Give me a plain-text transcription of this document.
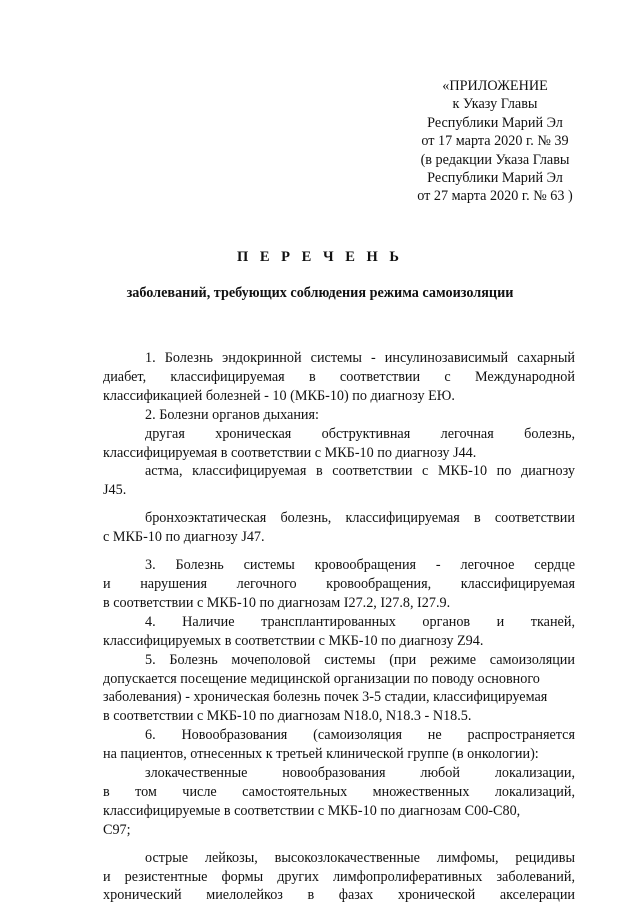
«ПРИЛОЖЕНИЕ
к Указу Главы
Республики Марий Эл
от 17 марта 2020 г. № 39
(в редакции Указа Главы
Республики Марий Эл
от 27 марта 2020 г. № 63 )
П Е Р Е Ч Е Н Ь
заболеваний, требующих соблюдения режима самоизоляции
1. Болезнь эндокринной системы - инсулинозависимый сахарный
диабет, классифицируемая в соответствии с Международной
классификацией болезней - 10 (МКБ-10) по диагнозу ЕЮ.
2. Болезни органов дыхания:
другая хроническая обструктивная легочная болезнь,
классифицируемая в соответствии с МКБ-10 по диагнозу J44.
астма, классифицируемая в соответствии с МКБ-10 по диагнозу
J45.
бронхоэктатическая болезнь, классифицируемая в соответствии
с МКБ-10 по диагнозу J47.
3. Болезнь системы кровообращения - легочное сердце
и нарушения легочного кровообращения, классифицируемая
в соответствии с МКБ-10 по диагнозам I27.2, I27.8, I27.9.
4. Наличие трансплантированных органов и тканей,
классифицируемых в соответствии с МКБ-10 по диагнозу Z94.
5. Болезнь мочеполовой системы (при режиме самоизоляции
допускается посещение медицинской организации по поводу основного
заболевания) - хроническая болезнь почек 3-5 стадии, классифицируемая
в соответствии с МКБ-10 по диагнозам N18.0, N18.3 - N18.5.
6. Новообразования (самоизоляция не распространяется
на пациентов, отнесенных к третьей клинической группе (в онкологии):
злокачественные новообразования любой локализации,
в том числе самостоятельных множественных локализаций,
классифицируемые в соответствии с МКБ-10 по диагнозам С00-С80,
С97;
острые лейкозы, высокозлокачественные лимфомы, рецидивы
и резистентные формы других лимфопролиферативных заболеваний,
хронический миелолейкоз в фазах хронической акселерации
